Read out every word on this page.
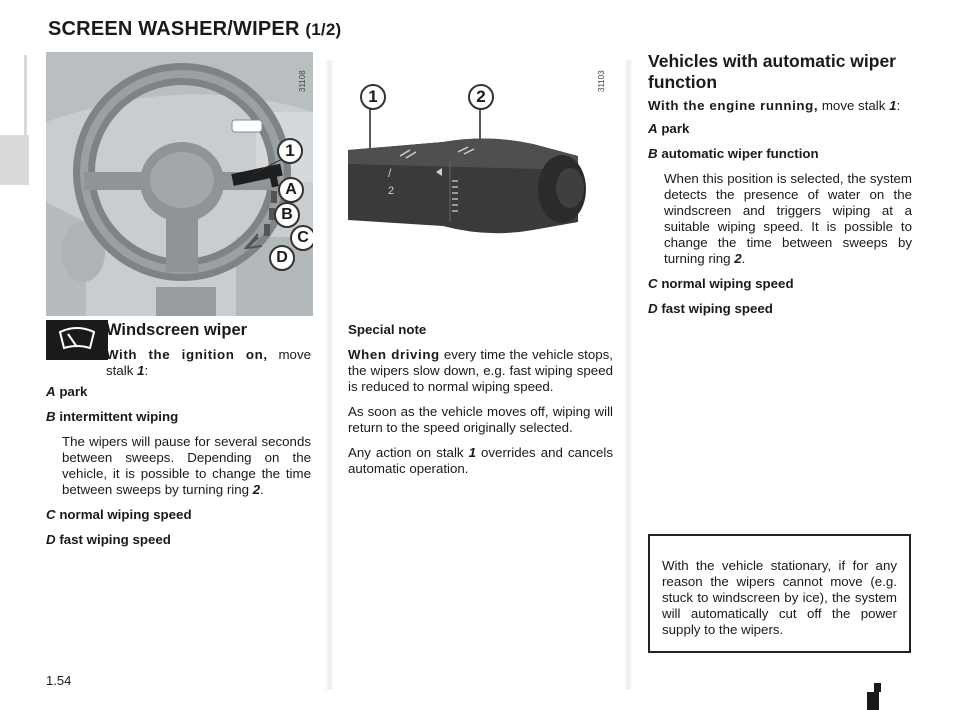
SCREEN WASHER/WIPER (1/2)
1
A
B
C
D
31108
/
2
1	2
31103
Windscreen wiper

With the ignition on, move stalk 1:

A park

B intermittent wiping

The wipers will pause for several seconds between sweeps. Depending on the vehicle, it is possible to change the time between sweeps by turning ring 2.

C normal wiping speed

D fast wiping speed

Special note

When driving every time the vehicle stops, the wipers slow down, e.g. fast wiping speed is reduced to normal wiping speed.

As soon as the vehicle moves off, wiping will return to the speed originally selected.

Any action on stalk 1 overrides and cancels automatic operation.

Vehicles with automatic wiper function

With the engine running, move stalk 1:

A park

B automatic wiper function

When this position is selected, the system detects the presence of water on the windscreen and triggers wiping at a suitable wiping speed. It is possible to change the time between sweeps by turning ring 2.

C normal wiping speed

D fast wiping speed

With the vehicle stationary, if for any reason the wipers cannot move (e.g. stuck to windscreen by ice), the system will automatically cut off the power supply to the wipers.

1.54
